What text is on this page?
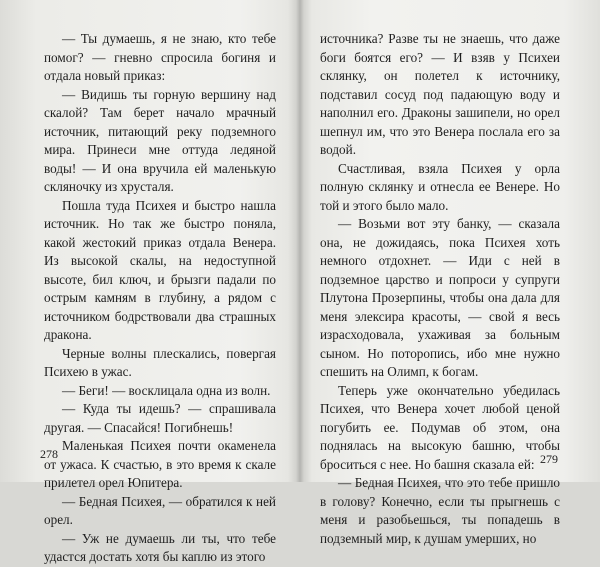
— Ты думаешь, я не знаю, кто тебе помог? — гневно спросила богиня и отдала новый приказ:

— Видишь ты горную вершину над скалой? Там берет начало мрачный источник, питающий реку подземного мира. Принеси мне оттуда ледяной воды! — И она вручила ей маленькую скляночку из хрусталя.

Пошла туда Психея и быстро нашла источник. Но так же быстро поняла, какой жестокий приказ отдала Венера. Из высокой скалы, на недоступной высоте, бил ключ, и брызги падали по острым камням в глубину, а рядом с источником бодрствовали два страшных дракона.

Черные волны плескались, повергая Психею в ужас.

— Беги! — восклицала одна из волн.

— Куда ты идешь? — спрашивала другая. — Спасайся! Погибнешь!

Маленькая Психея почти окаменела от ужаса. К счастью, в это время к скале прилетел орел Юпитера.

— Бедная Психея, — обратился к ней орел.

— Уж не думаешь ли ты, что тебе удастся достать хотя бы каплю из этого

278

источника? Разве ты не знаешь, что даже боги боятся его? — И взяв у Психеи склянку, он полетел к источнику, подставил сосуд под падающую воду и наполнил его. Драконы зашипели, но орел шепнул им, что это Венера послала его за водой.

Счастливая, взяла Психея у орла полную склянку и отнесла ее Венере. Но той и этого было мало.

— Возьми вот эту банку, — сказала она, не дожидаясь, пока Психея хоть немного отдохнет. — Иди с ней в подземное царство и попроси у супруги Плутона Прозерпины, чтобы она дала для меня элексира красоты, — свой я весь израсходовала, ухаживая за больным сыном. Но поторопись, ибо мне нужно спешить на Олимп, к богам.

Теперь уже окончательно убедилась Психея, что Венера хочет любой ценой погубить ее. Подумав об этом, она поднялась на высокую башню, чтобы броситься с нее. Но башня сказала ей:

— Бедная Психея, что это тебе пришло в голову? Конечно, если ты прыгнешь с меня и разобьешься, ты попадешь в подземный мир, к душам умерших, но

279
